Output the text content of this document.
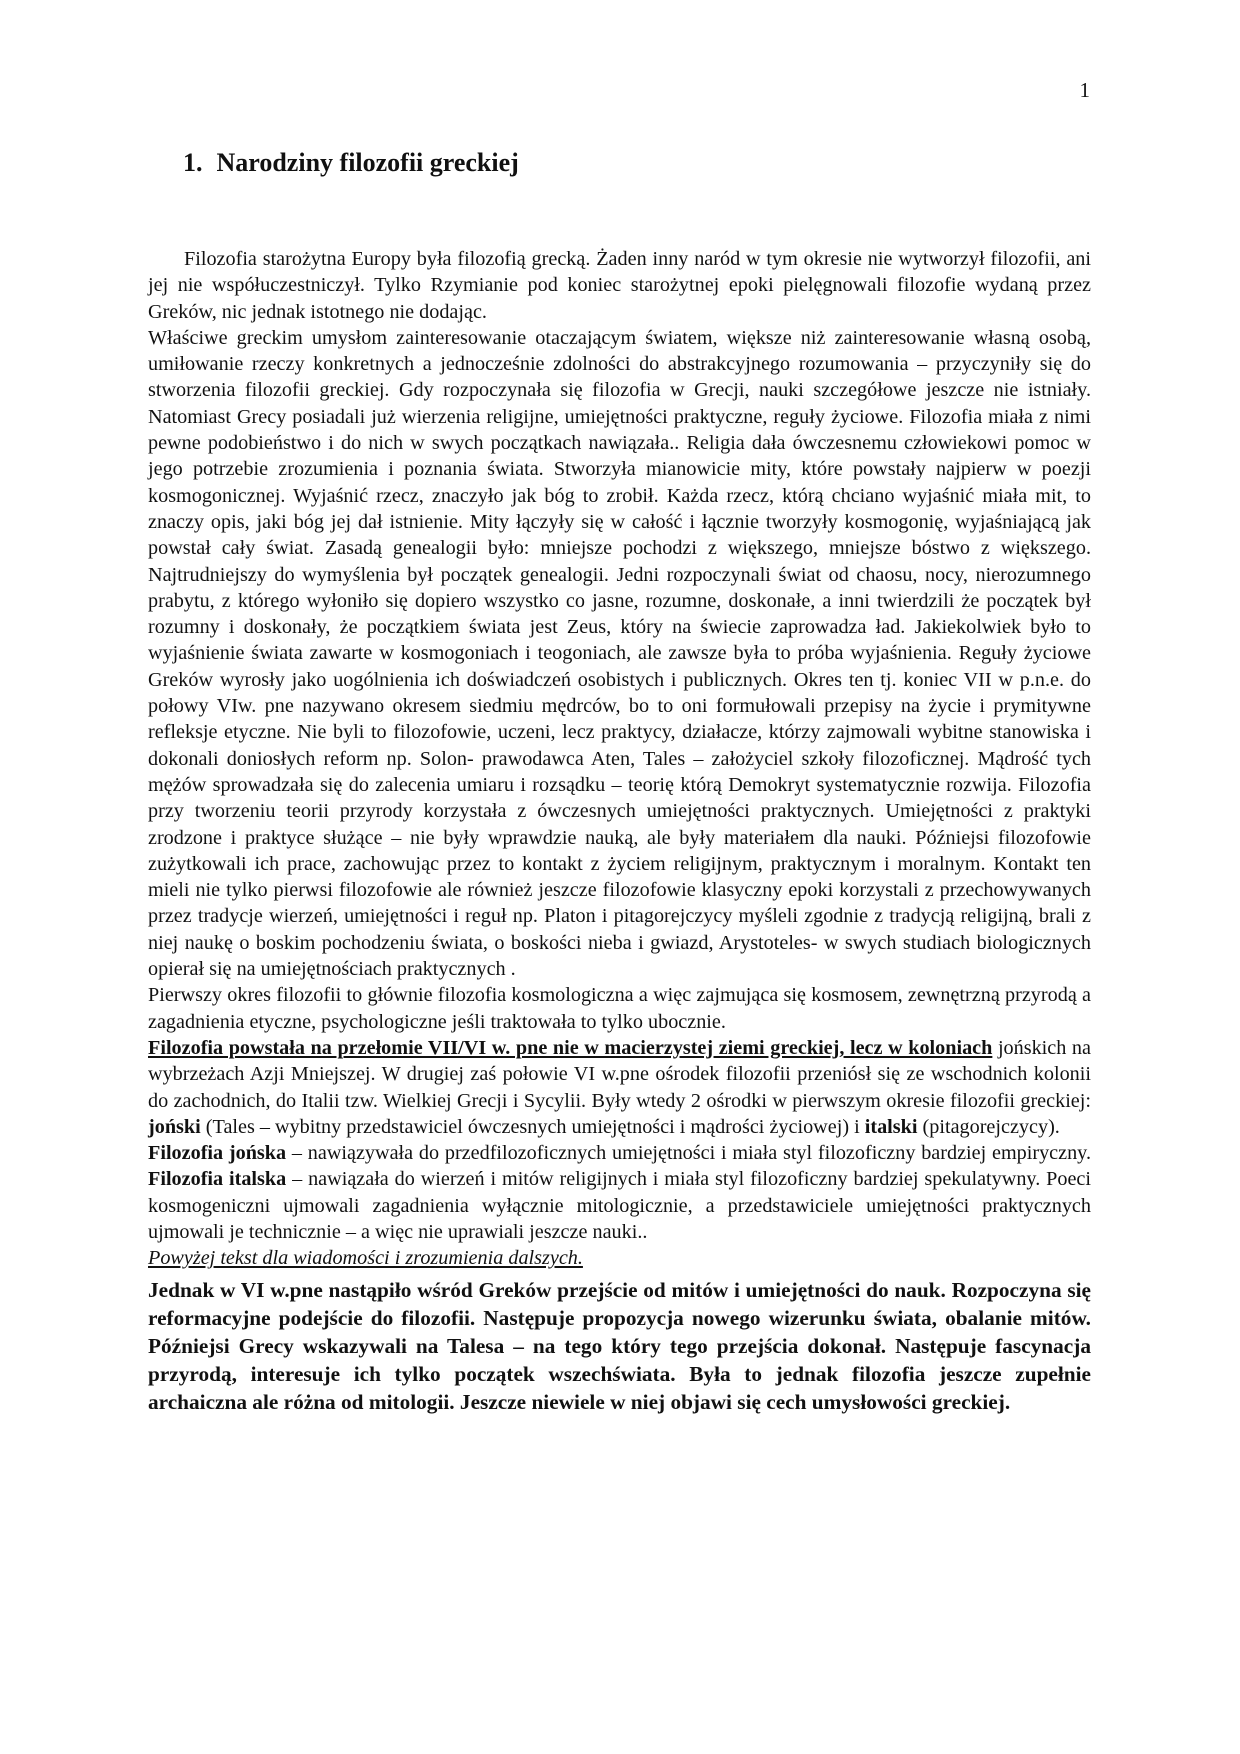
1
1. Narodziny filozofii greckiej

Filozofia starożytna Europy była filozofią grecką. Żaden inny naród w tym okresie nie wytworzył filozofii, ani jej nie współuczestniczył. Tylko Rzymianie pod koniec starożytnej epoki pielęgnowali filozofie wydaną przez Greków, nic jednak istotnego nie dodając.

Właściwe greckim umysłom zainteresowanie otaczającym światem, większe niż zainteresowanie własną osobą, umiłowanie rzeczy konkretnych a jednocześnie zdolności do abstrakcyjnego rozumowania – przyczyniły się do stworzenia filozofii greckiej. Gdy rozpoczynała się filozofia w Grecji, nauki szczegółowe jeszcze nie istniały. Natomiast Grecy posiadali już wierzenia religijne, umiejętności praktyczne, reguły życiowe. Filozofia miała z nimi pewne podobieństwo i do nich w swych początkach nawiązała.. Religia dała ówczesnemu człowiekowi pomoc w jego potrzebie zrozumienia i poznania świata. Stworzyła mianowicie mity, które powstały najpierw w poezji kosmogonicznej. Wyjaśnić rzecz, znaczyło jak bóg to zrobił. Każda rzecz, którą chciano wyjaśnić miała mit, to znaczy opis, jaki bóg jej dał istnienie. Mity łączyły się w całość i łącznie tworzyły kosmogonię, wyjaśniającą jak powstał cały świat. Zasadą genealogii było: mniejsze pochodzi z większego, mniejsze bóstwo z większego. Najtrudniejszy do wymyślenia był początek genealogii. Jedni rozpoczynali świat od chaosu, nocy, nierozumnego prabytu, z którego wyłoniło się dopiero wszystko co jasne, rozumne, doskonałe, a inni twierdzili że początek był rozumny i doskonały, że początkiem świata jest Zeus, który na świecie zaprowadza ład. Jakiekolwiek było to wyjaśnienie świata zawarte w kosmogoniach i teogoniach, ale zawsze była to próba wyjaśnienia. Reguły życiowe Greków wyrosły jako uogólnienia ich doświadczeń osobistych i publicznych. Okres ten tj. koniec VII w p.n.e. do połowy VIw. pne nazywano okresem siedmiu mędrców, bo to oni formułowali przepisy na życie i prymitywne refleksje etyczne. Nie byli to filozofowie, uczeni, lecz praktycy, działacze, którzy zajmowali wybitne stanowiska i dokonali doniosłych reform np. Solon- prawodawca Aten, Tales – założyciel szkoły filozoficznej. Mądrość tych mężów sprowadzała się do zalecenia umiaru i rozsądku – teorię którą Demokryt systematycznie rozwija. Filozofia przy tworzeniu teorii przyrody korzystała z ówczesnych umiejętności praktycznych. Umiejętności z praktyki zrodzone i praktyce służące – nie były wprawdzie nauką, ale były materiałem dla nauki. Późniejsi filozofowie zużytkowali ich prace, zachowując przez to kontakt z życiem religijnym, praktycznym i moralnym. Kontakt ten mieli nie tylko pierwsi filozofowie ale również jeszcze filozofowie klasyczny epoki korzystali z przechowywanych przez tradycje wierzeń, umiejętności i reguł np. Platon i pitagorejczycy myśleli zgodnie z tradycją religijną, brali z niej naukę o boskim pochodzeniu świata, o boskości nieba i gwiazd, Arystoteles- w swych studiach biologicznych opierał się na umiejętnościach praktycznych .

Pierwszy okres filozofii to głównie filozofia kosmologiczna a więc zajmująca się kosmosem, zewnętrzną przyrodą a zagadnienia etyczne, psychologiczne jeśli traktowała to tylko ubocznie.

Filozofia powstała na przełomie VII/VI w. pne nie w macierzystej ziemi greckiej, lecz w koloniach jońskich na wybrzeżach Azji Mniejszej. W drugiej zaś połowie VI w.pne ośrodek filozofii przeniósł się ze wschodnich kolonii do zachodnich, do Italii tzw. Wielkiej Grecji i Sycylii. Były wtedy 2 ośrodki w pierwszym okresie filozofii greckiej: joński (Tales – wybitny przedstawiciel ówczesnych umiejętności i mądrości życiowej) i italski (pitagorejczycy).

Filozofia jońska – nawiązywała do przedfilozoficznych umiejętności i miała styl filozoficzny bardziej empiryczny. Filozofia italska – nawiązała do wierzeń i mitów religijnych i miała styl filozoficzny bardziej spekulatywny. Poeci kosmogeniczni ujmowali zagadnienia wyłącznie mitologicznie, a przedstawiciele umiejętności praktycznych ujmowali je technicznie – a więc nie uprawiali jeszcze nauki..

Powyżej tekst dla wiadomości i zrozumienia dalszych.

Jednak w VI w.pne nastąpiło wśród Greków przejście od mitów i umiejętności do nauk. Rozpoczyna się reformacyjne podejście do filozofii. Następuje propozycja nowego wizerunku świata, obalanie mitów. Późniejsi Grecy wskazywali na Talesa – na tego który tego przejścia dokonał. Następuje fascynacja przyrodą, interesuje ich tylko początek wszechświata. Była to jednak filozofia jeszcze zupełnie archaiczna ale różna od mitologii. Jeszcze niewiele w niej objawi się cech umysłowości greckiej.
